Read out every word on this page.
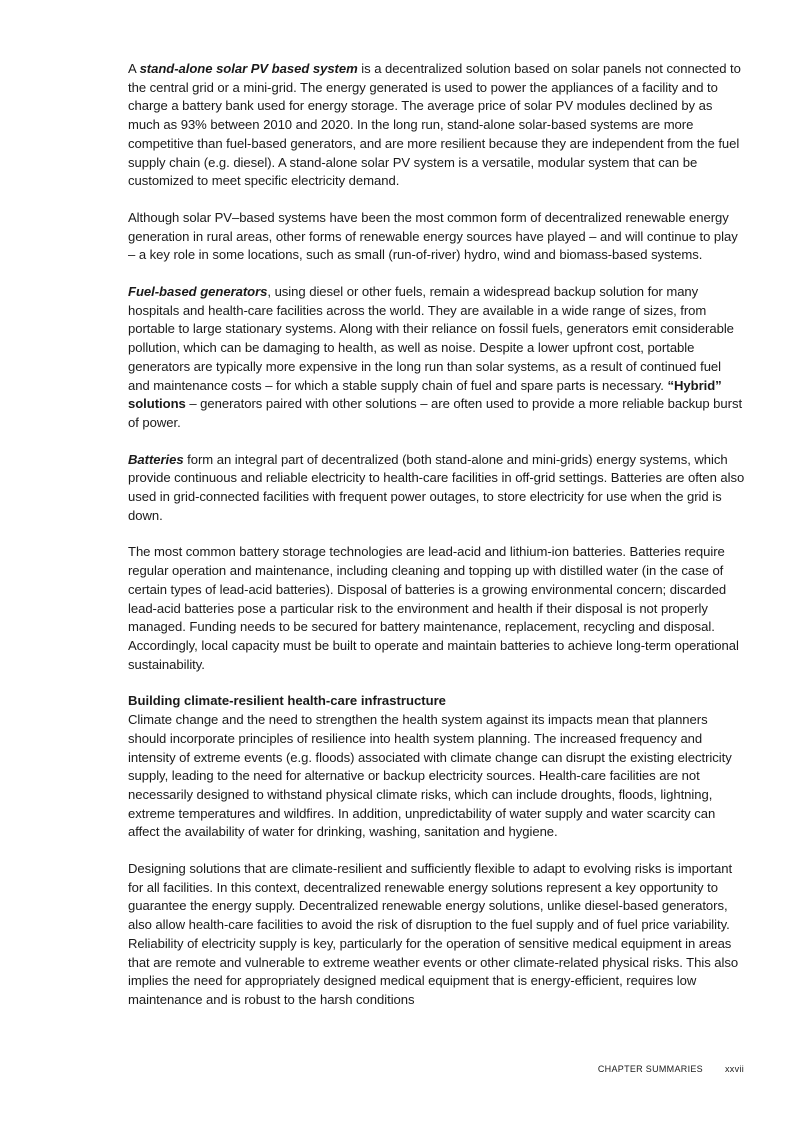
A stand-alone solar PV based system is a decentralized solution based on solar panels not connected to the central grid or a mini-grid. The energy generated is used to power the appliances of a facility and to charge a battery bank used for energy storage. The average price of solar PV modules declined by as much as 93% between 2010 and 2020. In the long run, stand-alone solar-based systems are more competitive than fuel-based generators, and are more resilient because they are independent from the fuel supply chain (e.g. diesel). A stand-alone solar PV system is a versatile, modular system that can be customized to meet specific electricity demand.

Although solar PV–based systems have been the most common form of decentralized renewable energy generation in rural areas, other forms of renewable energy sources have played – and will continue to play – a key role in some locations, such as small (run-of-river) hydro, wind and biomass-based systems.

Fuel-based generators, using diesel or other fuels, remain a widespread backup solution for many hospitals and health-care facilities across the world. They are available in a wide range of sizes, from portable to large stationary systems. Along with their reliance on fossil fuels, generators emit considerable pollution, which can be damaging to health, as well as noise. Despite a lower upfront cost, portable generators are typically more expensive in the long run than solar systems, as a result of continued fuel and maintenance costs – for which a stable supply chain of fuel and spare parts is necessary. “Hybrid” solutions – generators paired with other solutions – are often used to provide a more reliable backup burst of power.

Batteries form an integral part of decentralized (both stand-alone and mini-grids) energy systems, which provide continuous and reliable electricity to health-care facilities in off-grid settings. Batteries are often also used in grid-connected facilities with frequent power outages, to store electricity for use when the grid is down.

The most common battery storage technologies are lead-acid and lithium-ion batteries. Batteries require regular operation and maintenance, including cleaning and topping up with distilled water (in the case of certain types of lead-acid batteries). Disposal of batteries is a growing environmental concern; discarded lead-acid batteries pose a particular risk to the environment and health if their disposal is not properly managed. Funding needs to be secured for battery maintenance, replacement, recycling and disposal. Accordingly, local capacity must be built to operate and maintain batteries to achieve long-term operational sustainability.

Building climate-resilient health-care infrastructure

Climate change and the need to strengthen the health system against its impacts mean that planners should incorporate principles of resilience into health system planning. The increased frequency and intensity of extreme events (e.g. floods) associated with climate change can disrupt the existing electricity supply, leading to the need for alternative or backup electricity sources. Health-care facilities are not necessarily designed to withstand physical climate risks, which can include droughts, floods, lightning, extreme temperatures and wildfires. In addition, unpredictability of water supply and water scarcity can affect the availability of water for drinking, washing, sanitation and hygiene.

Designing solutions that are climate-resilient and sufficiently flexible to adapt to evolving risks is important for all facilities. In this context, decentralized renewable energy solutions represent a key opportunity to guarantee the energy supply. Decentralized renewable energy solutions, unlike diesel-based generators, also allow health-care facilities to avoid the risk of disruption to the fuel supply and of fuel price variability. Reliability of electricity supply is key, particularly for the operation of sensitive medical equipment in areas that are remote and vulnerable to extreme weather events or other climate-related physical risks. This also implies the need for appropriately designed medical equipment that is energy-efficient, requires low maintenance and is robust to the harsh conditions

CHAPTER SUMMARIES xxvii
